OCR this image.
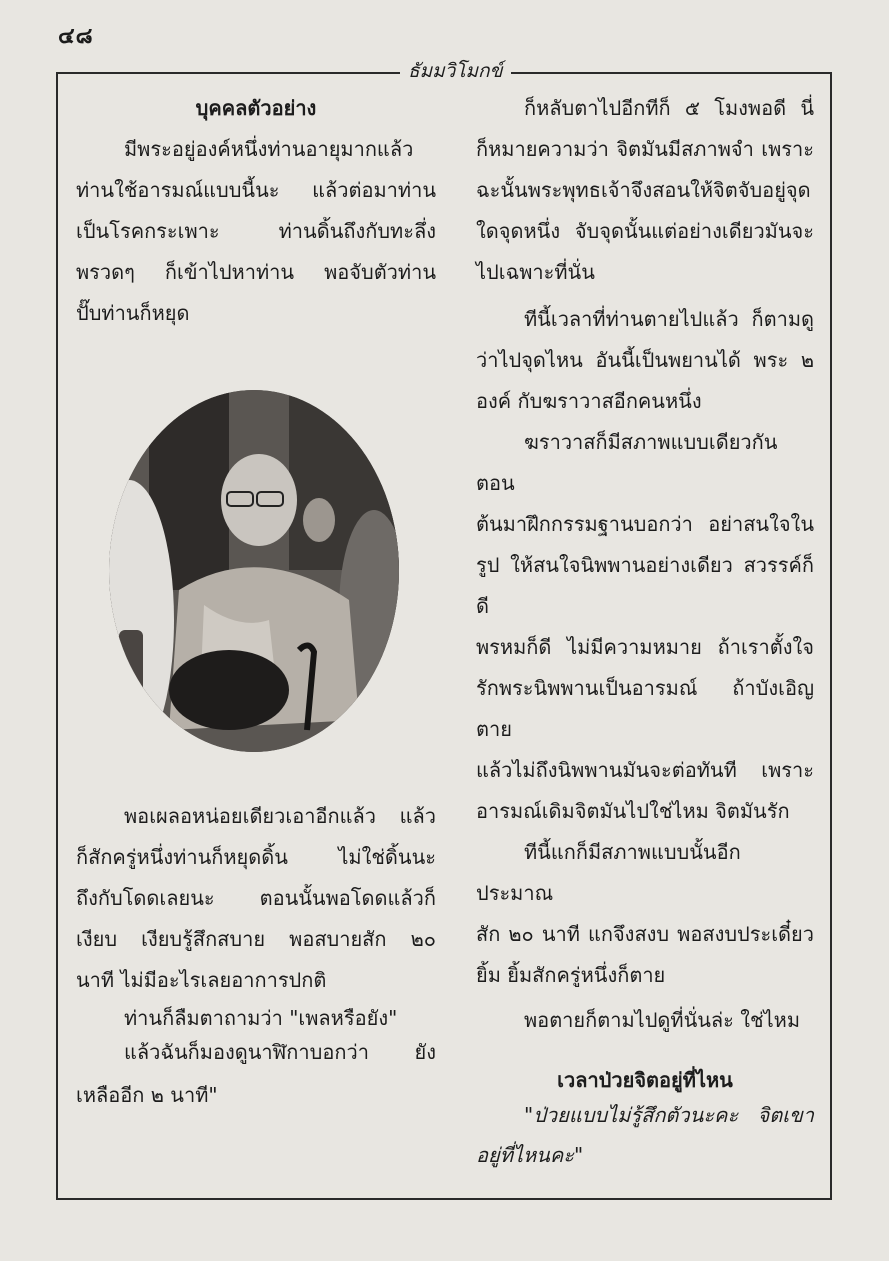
๔๘
ธัมมวิโมกข์

บุคคลตัวอย่าง

มีพระอยู่องค์หนึ่งท่านอายุมากแล้ว

ท่านใช้อารมณ์แบบนี้นะ แล้วต่อมาท่าน

เป็นโรคกระเพาะ ท่านดิ้นถึงกับทะลึ่ง

พรวดๆ ก็เข้าไปหาท่าน พอจับตัวท่าน

ปั๊บท่านก็หยุด

พอเผลอหน่อยเดียวเอาอีกแล้ว แล้ว

ก็สักครู่หนึ่งท่านก็หยุดดิ้น ไม่ใช่ดิ้นนะ

ถึงกับโดดเลยนะ ตอนนั้นพอโดดแล้วก็

เงียบ เงียบรู้สึกสบาย พอสบายสัก ๒๐

นาที ไม่มีอะไรเลยอาการปกติ

ท่านก็ลืมตาถามว่า "เพลหรือยัง"

แล้วฉันก็มองดูนาฬิกาบอกว่า ยัง

เหลืออีก ๒ นาที"

ก็หลับตาไปอีกทีก็ ๕ โมงพอดี นี่

ก็หมายความว่า จิตมันมีสภาพจำ เพราะ

ฉะนั้นพระพุทธเจ้าจึงสอนให้จิตจับอยู่จุด

ใดจุดหนึ่ง จับจุดนั้นแต่อย่างเดียวมันจะ

ไปเฉพาะที่นั่น

ทีนี้เวลาที่ท่านตายไปแล้ว ก็ตามดู

ว่าไปจุดไหน อันนี้เป็นพยานได้ พระ ๒

องค์ กับฆราวาสอีกคนหนึ่ง

ฆราวาสก็มีสภาพแบบเดียวกัน ตอน

ต้นมาฝึกกรรมฐานบอกว่า อย่าสนใจใน

รูป ให้สนใจนิพพานอย่างเดียว สวรรค์ก็ดี

พรหมก็ดี ไม่มีความหมาย ถ้าเราตั้งใจ

รักพระนิพพานเป็นอารมณ์ ถ้าบังเอิญตาย

แล้วไม่ถึงนิพพานมันจะต่อทันที เพราะ

อารมณ์เดิมจิตมันไปใช่ไหม จิตมันรัก

ทีนี้แกก็มีสภาพแบบนั้นอีกประมาณ

สัก ๒๐ นาที แกจึงสงบ พอสงบประเดี๋ยว

ยิ้ม ยิ้มสักครู่หนึ่งก็ตาย

พอตายก็ตามไปดูที่นั่นล่ะ ใช่ไหม

เวลาป่วยจิตอยู่ที่ไหน

"ป่วยแบบไม่รู้สึกตัวนะคะ จิตเขา

อยู่ที่ไหนคะ"
